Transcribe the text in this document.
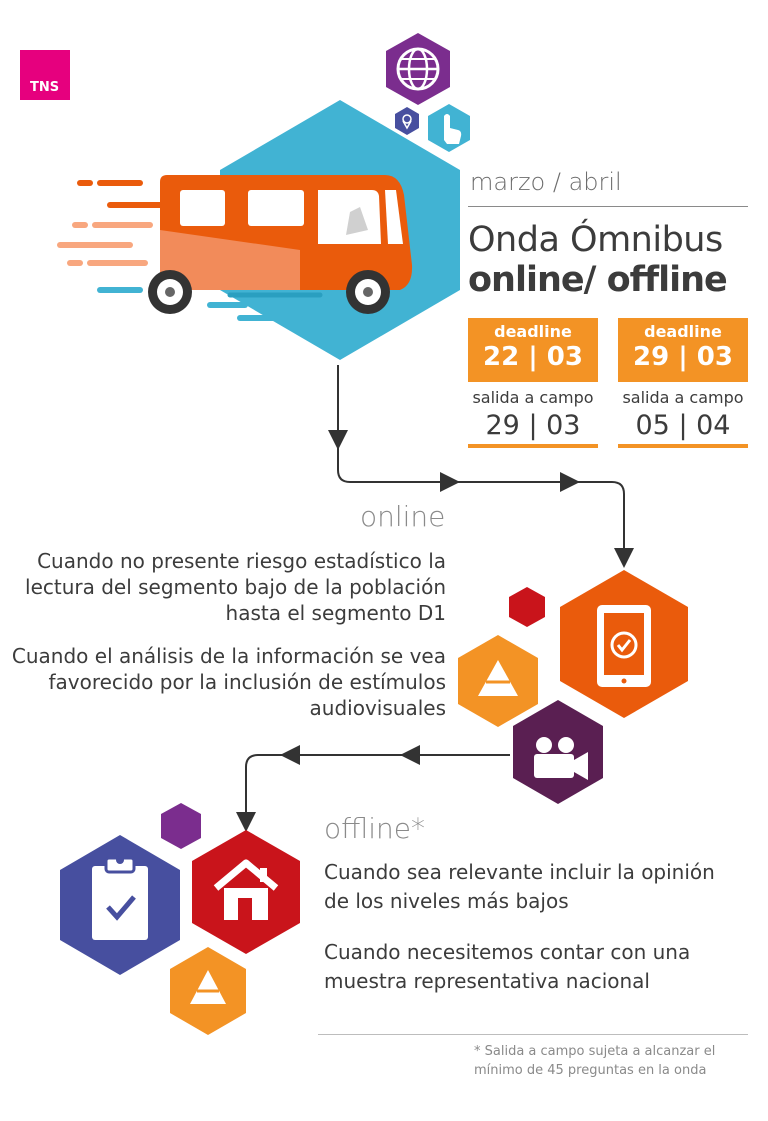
TNS
marzo / abril
Onda Ómnibus
online/ offline
deadline
22 | 03
salida a campo
29 | 03
deadline
29 | 03
salida a campo
05 | 04
online
Cuando no presente riesgo estadístico la lectura del segmento bajo de la población hasta el segmento D1
Cuando el análisis de la información se vea favorecido por la inclusión de estímulos audiovisuales
offline*
Cuando sea relevante incluir la opinión de los niveles más bajos
Cuando necesitemos contar con una muestra representativa nacional
* Salida a campo sujeta a alcanzar el mínimo de 45 preguntas en la onda
